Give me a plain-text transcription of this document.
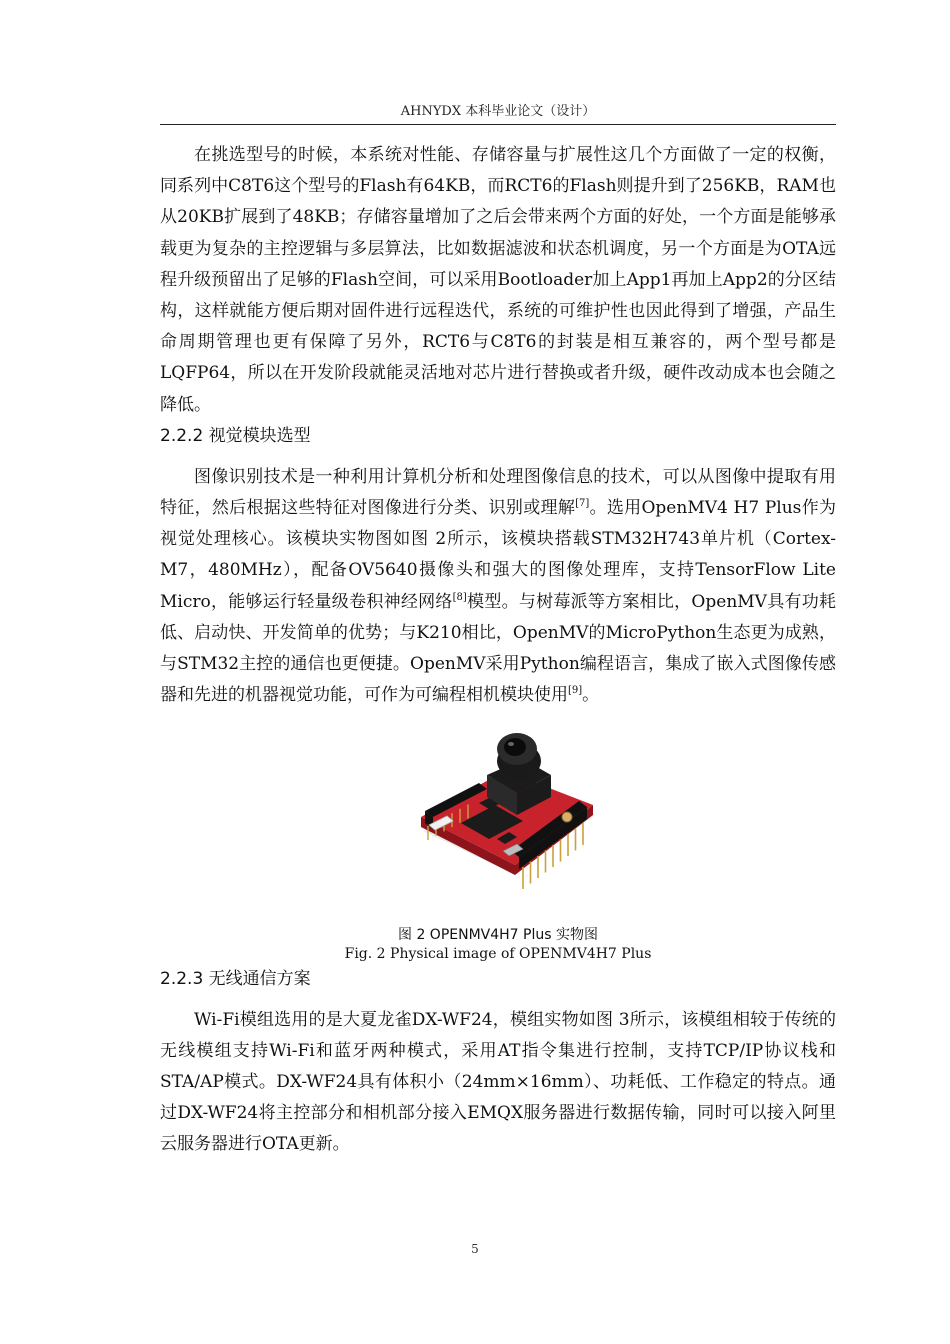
AHNYDX 本科毕业论文（设计）

在挑选型号的时候，本系统对性能、存储容量与扩展性这几个方面做了一定的权衡，同系列中C8T6这个型号的Flash有64KB，而RCT6的Flash则提升到了256KB，RAM也从20KB扩展到了48KB；存储容量增加了之后会带来两个方面的好处，一个方面是能够承载更为复杂的主控逻辑与多层算法，比如数据滤波和状态机调度，另一个方面是为OTA远程升级预留出了足够的Flash空间，可以采用Bootloader加上App1再加上App2的分区结构，这样就能方便后期对固件进行远程迭代，系统的可维护性也因此得到了增强，产品生命周期管理也更有保障了另外，RCT6与C8T6的封装是相互兼容的，两个型号都是LQFP64，所以在开发阶段就能灵活地对芯片进行替换或者升级，硬件改动成本也会随之降低。

2.2.2 视觉模块选型

图像识别技术是一种利用计算机分析和处理图像信息的技术，可以从图像中提取有用特征，然后根据这些特征对图像进行分类、识别或理解[7]。选用OpenMV4 H7 Plus作为视觉处理核心。该模块实物图如图 2所示，该模块搭载STM32H743单片机（Cortex-M7，480MHz），配备OV5640摄像头和强大的图像处理库，支持TensorFlow Lite Micro，能够运行轻量级卷积神经网络[8]模型。与树莓派等方案相比，OpenMV具有功耗低、启动快、开发简单的优势；与K210相比，OpenMV的MicroPython生态更为成熟，与STM32主控的通信也更便捷。OpenMV采用Python编程语言，集成了嵌入式图像传感器和先进的机器视觉功能，可作为可编程相机模块使用[9]。

图 2 OPENMV4H7 Plus 实物图
Fig. 2 Physical image of OPENMV4H7 Plus
2.2.3 无线通信方案

Wi-Fi模组选用的是大夏龙雀DX-WF24，模组实物如图 3所示，该模组相较于传统的无线模组支持Wi-Fi和蓝牙两种模式，采用AT指令集进行控制，支持TCP/IP协议栈和STA/AP模式。DX-WF24具有体积小（24mm×16mm）、功耗低、工作稳定的特点。通过DX-WF24将主控部分和相机部分接入EMQX服务器进行数据传输，同时可以接入阿里云服务器进行OTA更新。

5
